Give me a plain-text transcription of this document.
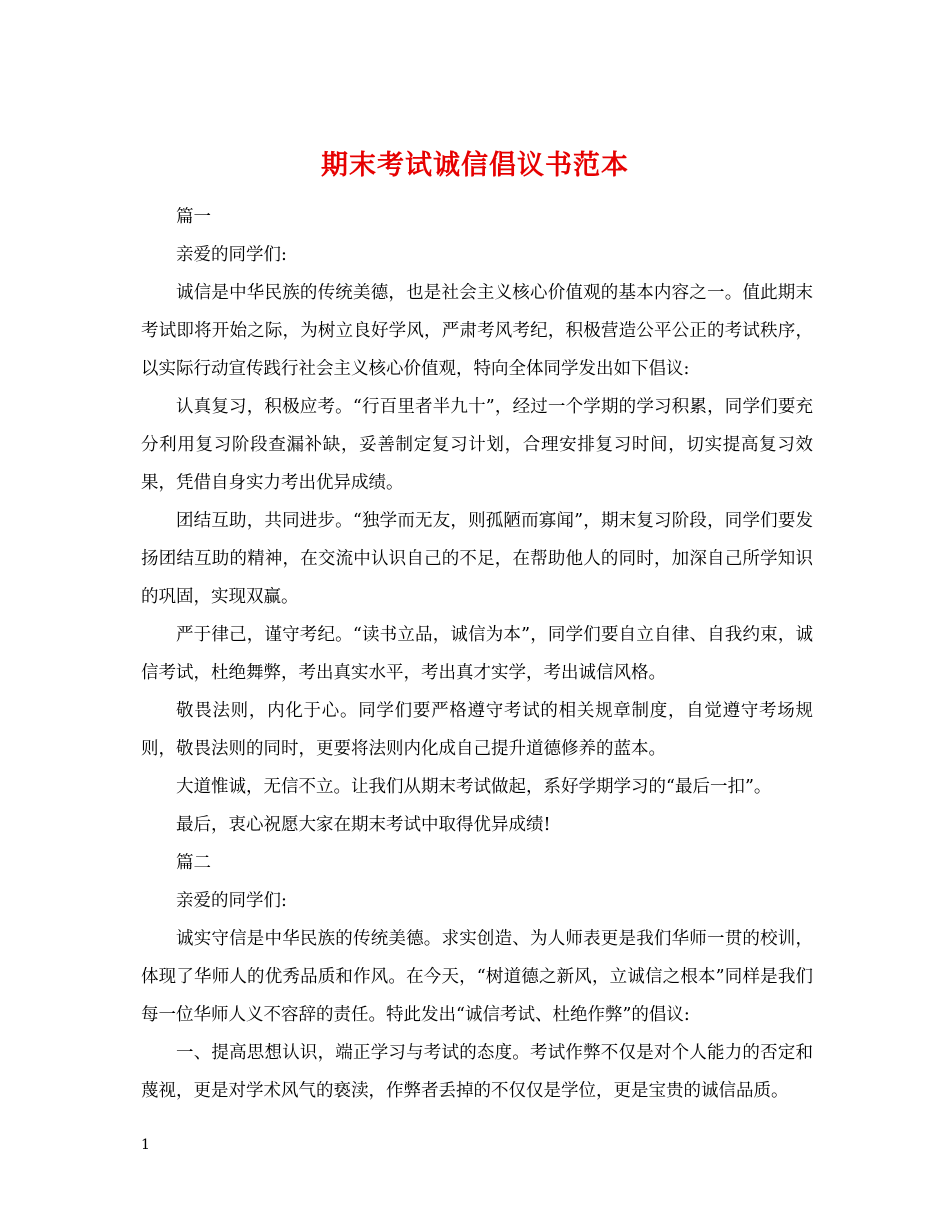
期末考试诚信倡议书范本

篇一

亲爱的同学们:

诚信是中华民族的传统美德，也是社会主义核心价值观的基本内容之一。值此期末考试即将开始之际，为树立良好学风，严肃考风考纪，积极营造公平公正的考试秩序，以实际行动宣传践行社会主义核心价值观，特向全体同学发出如下倡议:

认真复习，积极应考。“行百里者半九十”，经过一个学期的学习积累，同学们要充分利用复习阶段查漏补缺，妥善制定复习计划，合理安排复习时间，切实提高复习效果，凭借自身实力考出优异成绩。

团结互助，共同进步。“独学而无友，则孤陋而寡闻”，期末复习阶段，同学们要发扬团结互助的精神，在交流中认识自己的不足，在帮助他人的同时，加深自己所学知识的巩固，实现双赢。

严于律己，谨守考纪。“读书立品，诚信为本”，同学们要自立自律、自我约束，诚信考试，杜绝舞弊，考出真实水平，考出真才实学，考出诚信风格。

敬畏法则，内化于心。同学们要严格遵守考试的相关规章制度，自觉遵守考场规则，敬畏法则的同时，更要将法则内化成自己提升道德修养的蓝本。

大道惟诚，无信不立。让我们从期末考试做起，系好学期学习的“最后一扣”。

最后，衷心祝愿大家在期末考试中取得优异成绩!

篇二

亲爱的同学们:

诚实守信是中华民族的传统美德。求实创造、为人师表更是我们华师一贯的校训，体现了华师人的优秀品质和作风。在今天，“树道德之新风，立诚信之根本”同样是我们每一位华师人义不容辞的责任。特此发出“诚信考试、杜绝作弊”的倡议:

一、提高思想认识，端正学习与考试的态度。考试作弊不仅是对个人能力的否定和蔑视，更是对学术风气的亵渎，作弊者丢掉的不仅仅是学位，更是宝贵的诚信品质。

1
